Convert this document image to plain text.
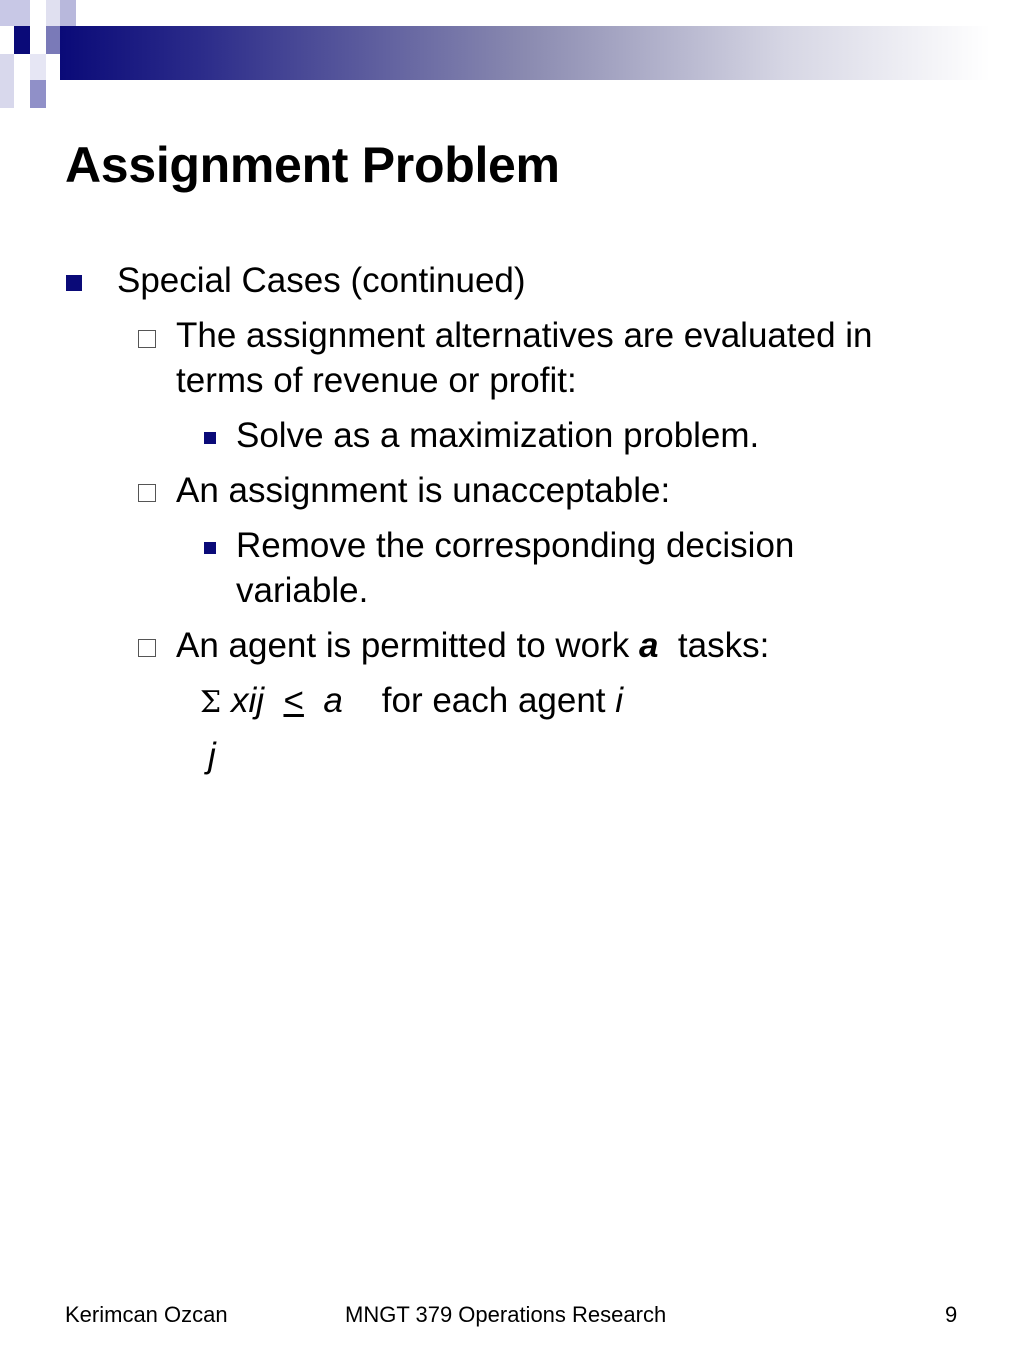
Assignment Problem
Special Cases (continued)
The assignment alternatives are evaluated in
terms of revenue or profit:
Solve as a maximization problem.
An assignment is unacceptable:
Remove the corresponding decision
variable.
An agent is permitted to work a  tasks:
Σ xij < a for each agent i
j
Kerimcan Ozcan	MNGT 379 Operations Research	9
